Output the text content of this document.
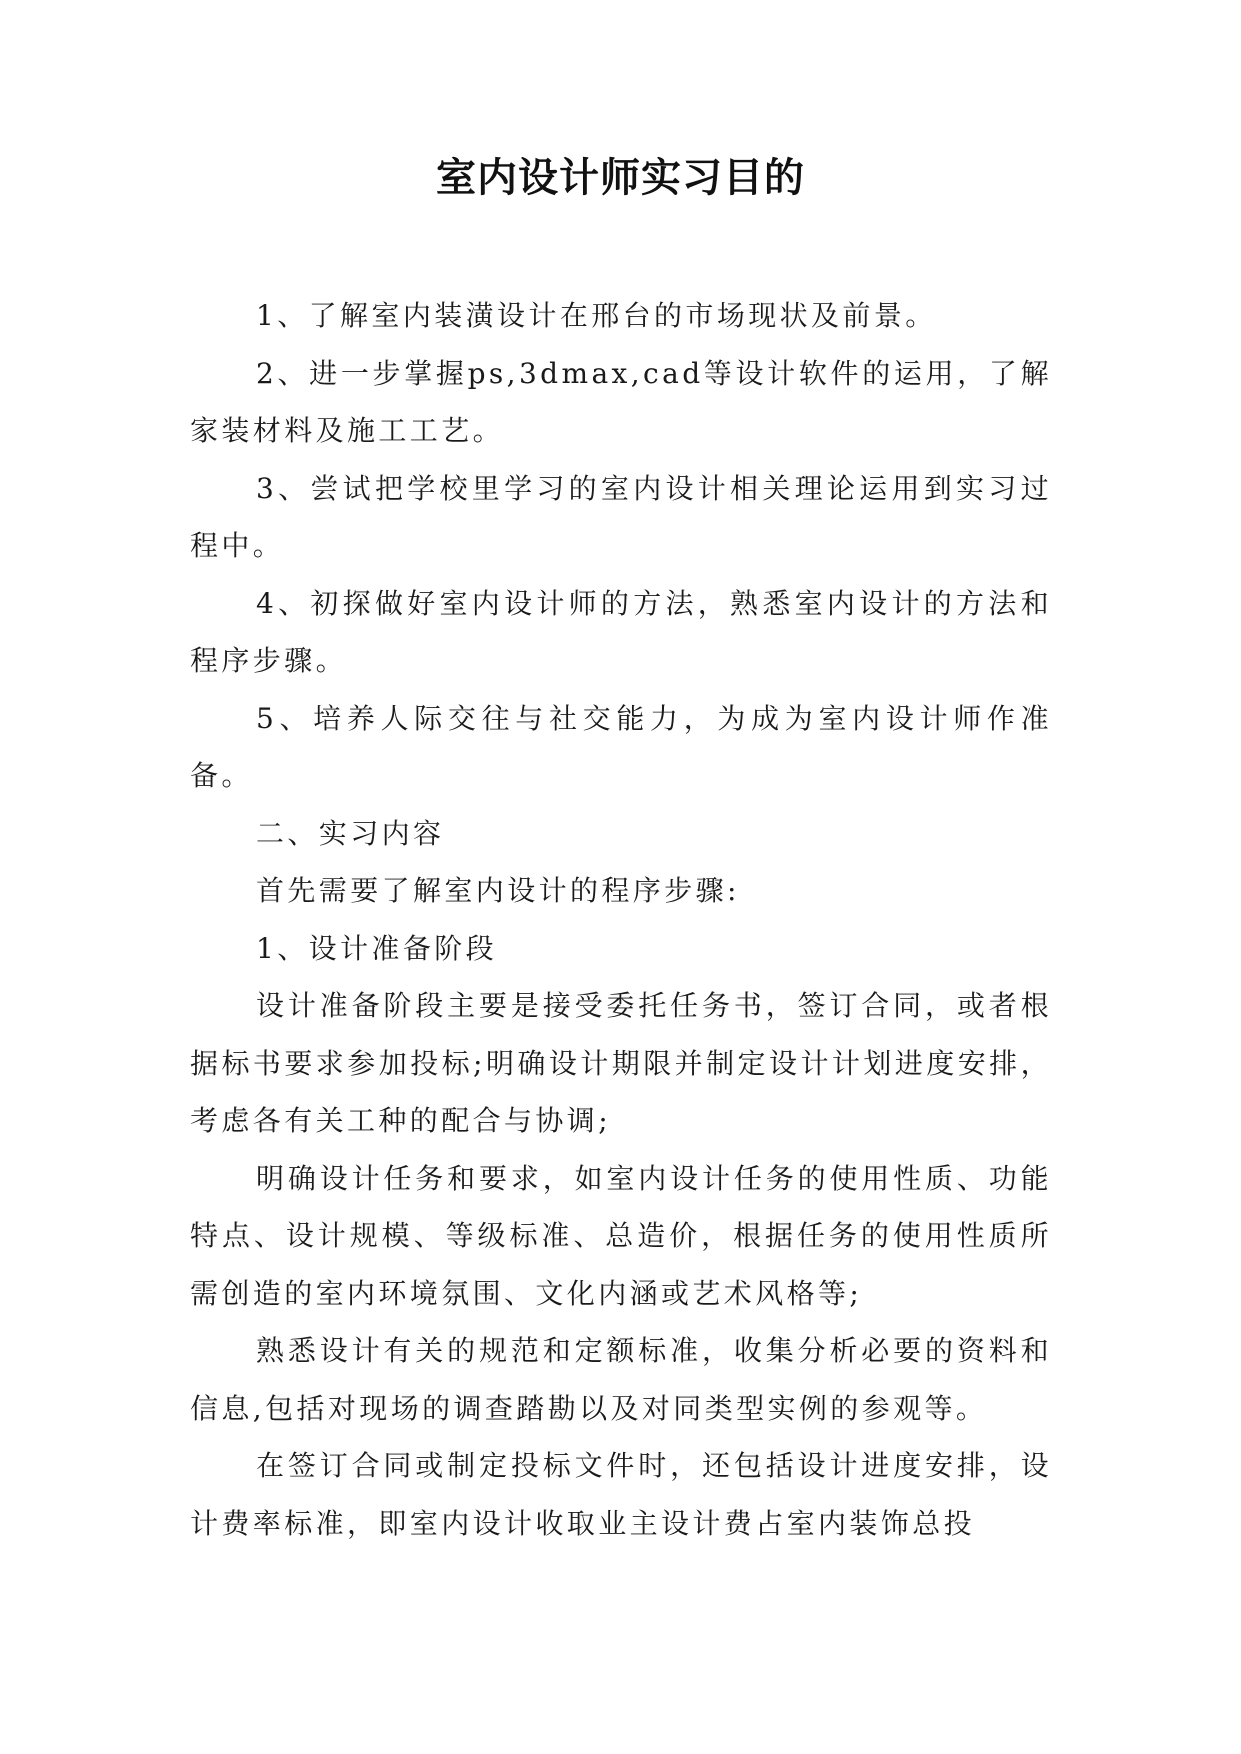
室内设计师实习目的

1、了解室内装潢设计在邢台的市场现状及前景。

2、进一步掌握ps,3dmax,cad等设计软件的运用，了解家装材料及施工工艺。

3、尝试把学校里学习的室内设计相关理论运用到实习过程中。

4、初探做好室内设计师的方法，熟悉室内设计的方法和程序步骤。

5、培养人际交往与社交能力，为成为室内设计师作准备。

二、实习内容

首先需要了解室内设计的程序步骤:

1、设计准备阶段

设计准备阶段主要是接受委托任务书，签订合同，或者根据标书要求参加投标;明确设计期限并制定设计计划进度安排，考虑各有关工种的配合与协调;

明确设计任务和要求，如室内设计任务的使用性质、功能特点、设计规模、等级标准、总造价，根据任务的使用性质所需创造的室内环境氛围、文化内涵或艺术风格等;

熟悉设计有关的规范和定额标准，收集分析必要的资料和信息,包括对现场的调查踏勘以及对同类型实例的参观等。

在签订合同或制定投标文件时，还包括设计进度安排，设计费率标准，即室内设计收取业主设计费占室内装饰总投
